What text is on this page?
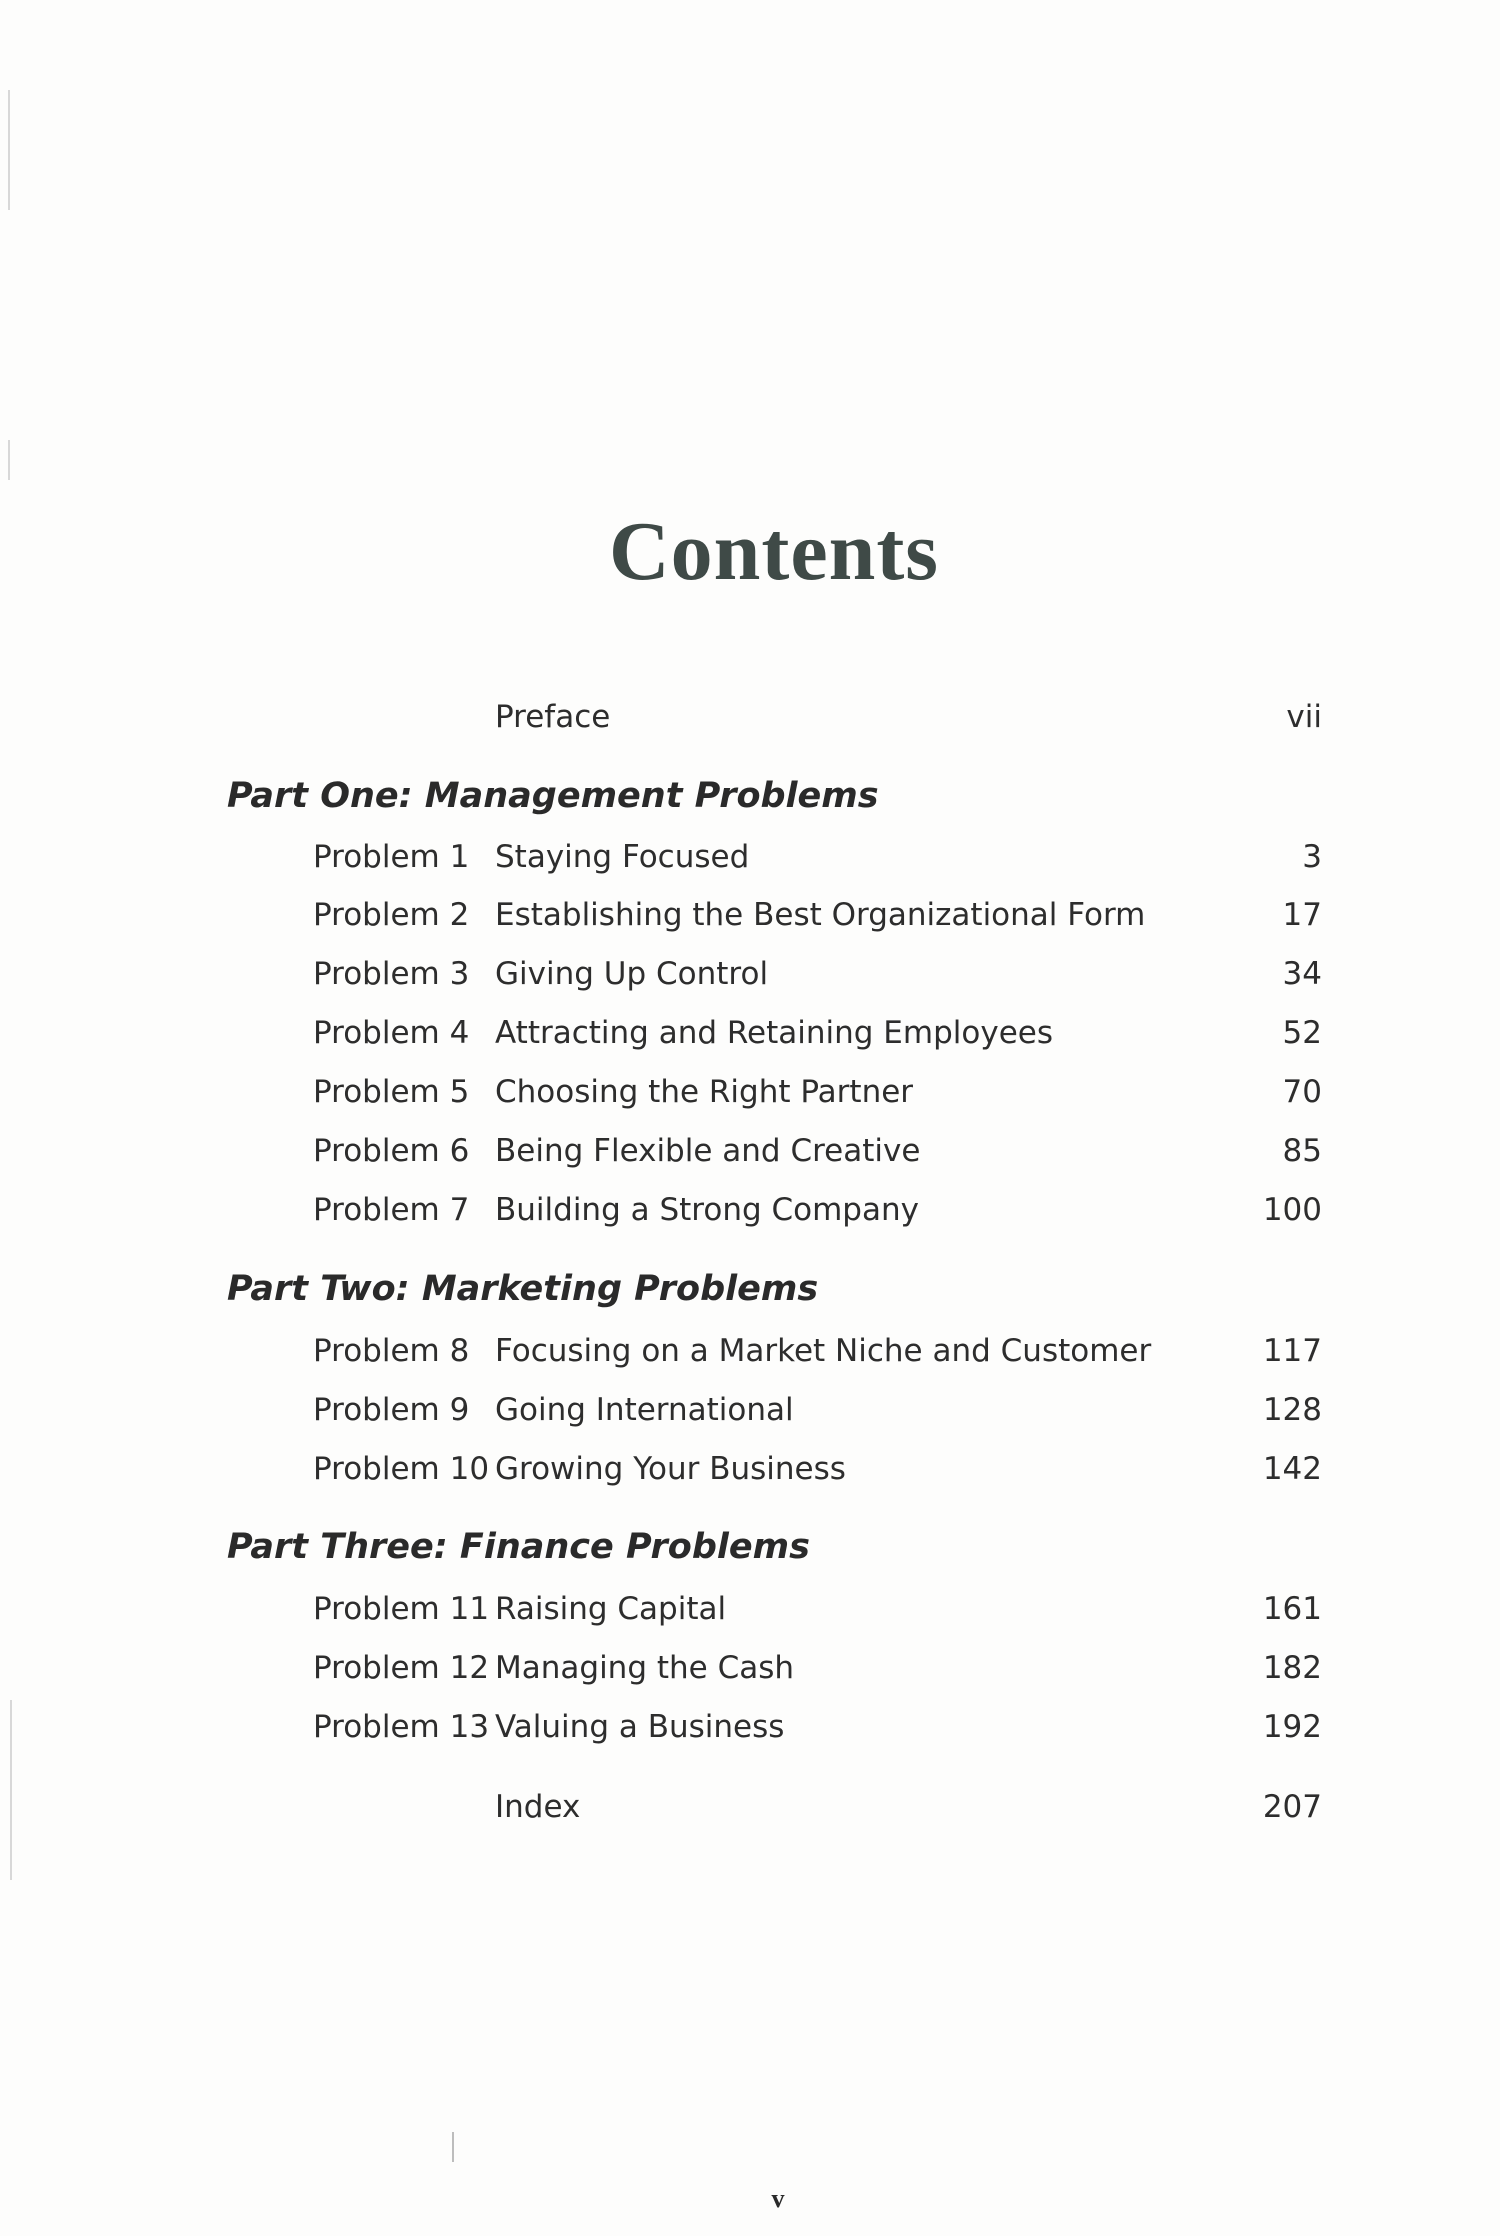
Contents
Preface	vii
Part One: Management Problems
Problem 1 Staying Focused	3
Problem 2 Establishing the Best Organizational Form	17
Problem 3 Giving Up Control	34
Problem 4 Attracting and Retaining Employees	52
Problem 5 Choosing the Right Partner	70
Problem 6 Being Flexible and Creative	85
Problem 7 Building a Strong Company	100
Part Two: Marketing Problems
Problem 8 Focusing on a Market Niche and Customer	117
Problem 9 Going International	128
Problem 10 Growing Your Business	142
Part Three: Finance Problems
Problem 11 Raising Capital	161
Problem 12 Managing the Cash	182
Problem 13 Valuing a Business	192
Index	207
v
